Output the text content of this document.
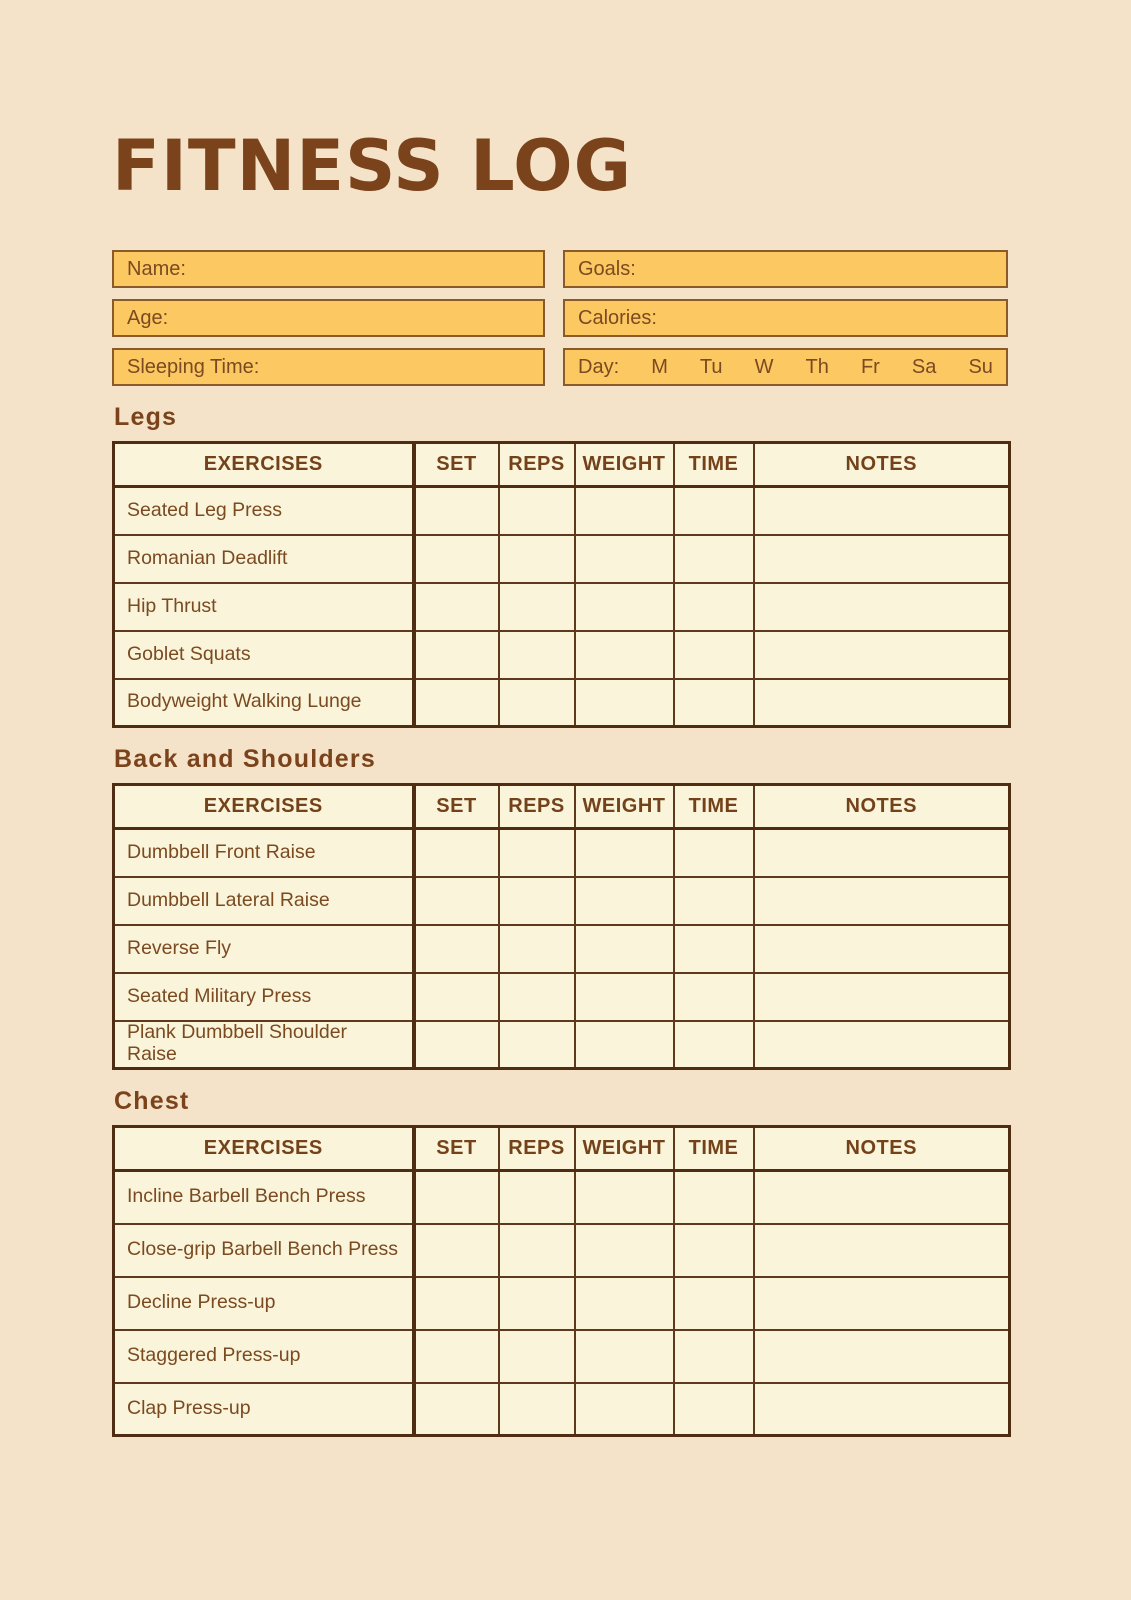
FITNESS LOG
Name:	Goals:
Age:	Calories:
Sleeping Time:	Day: M Tu W Th Fr Sa Su
Legs
EXERCISES	SET	REPS	WEIGHT	TIME	NOTES
Seated Leg Press					
Romanian Deadlift					
Hip Thrust					
Goblet Squats					
Bodyweight Walking Lunge					
Back and Shoulders
EXERCISES	SET	REPS	WEIGHT	TIME	NOTES
Dumbbell Front Raise					
Dumbbell Lateral Raise					
Reverse Fly					
Seated Military Press					
Plank Dumbbell Shoulder Raise					
Chest
EXERCISES	SET	REPS	WEIGHT	TIME	NOTES
Incline Barbell Bench Press					
Close-grip Barbell Bench Press					
Decline Press-up					
Staggered Press-up					
Clap Press-up					
